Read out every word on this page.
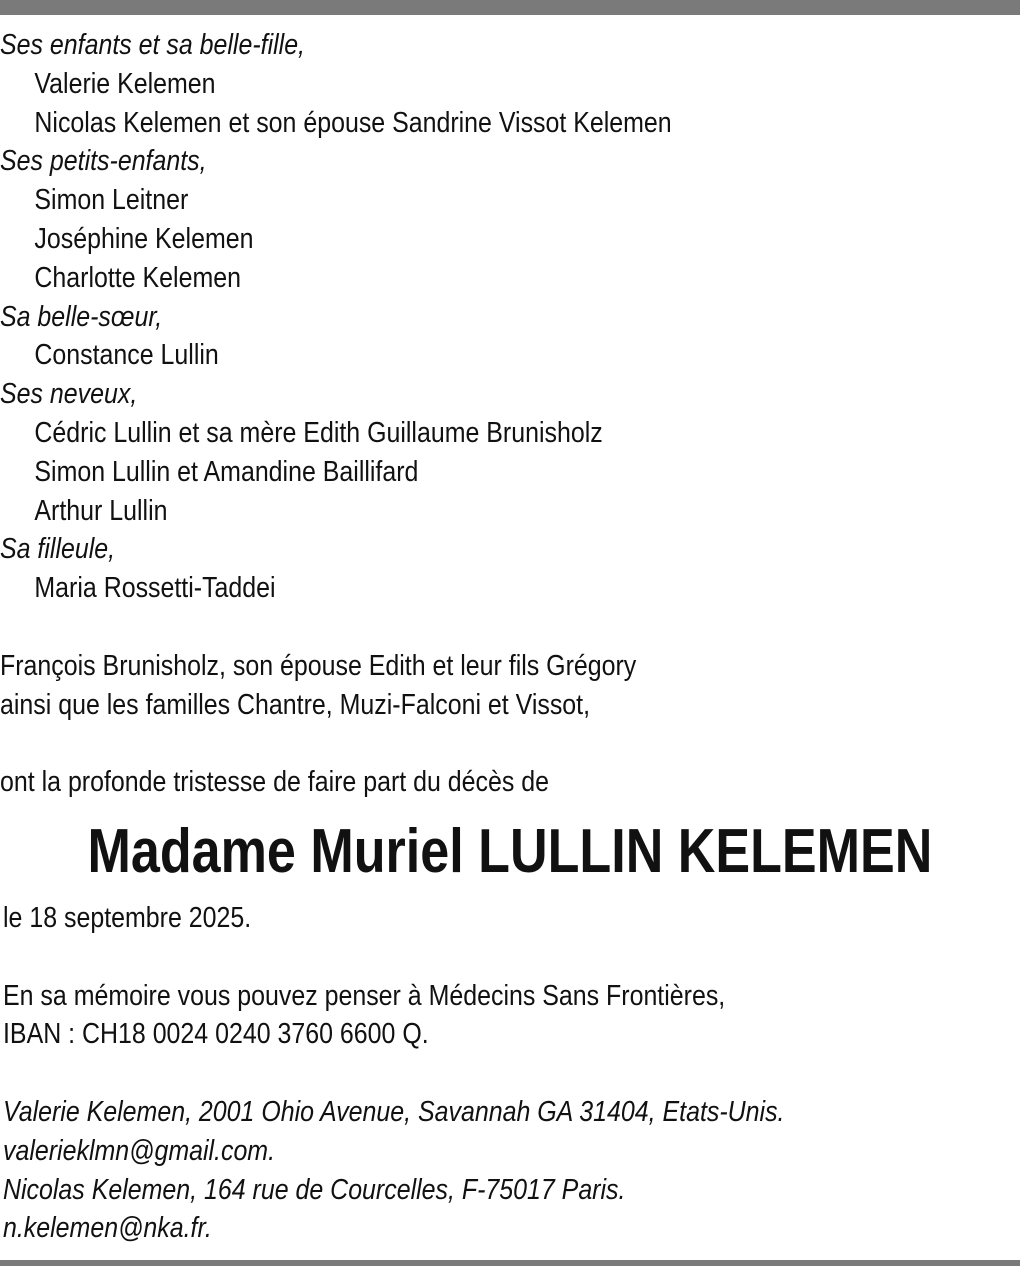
Ses enfants et sa belle-fille,
Valerie Kelemen
Nicolas Kelemen et son épouse Sandrine Vissot Kelemen
Ses petits-enfants,
Simon Leitner
Joséphine Kelemen
Charlotte Kelemen
Sa belle-sœur,
Constance Lullin
Ses neveux,
Cédric Lullin et sa mère Edith Guillaume Brunisholz
Simon Lullin et Amandine Baillifard
Arthur Lullin
Sa filleule,
Maria Rossetti-Taddei
François Brunisholz, son épouse Edith et leur fils Grégory
ainsi que les familles Chantre, Muzi-Falconi et Vissot,
ont la profonde tristesse de faire part du décès de
Madame Muriel LULLIN KELEMEN
le 18 septembre 2025.
En sa mémoire vous pouvez penser à Médecins Sans Frontières,
IBAN : CH18 0024 0240 3760 6600 Q.
Valerie Kelemen, 2001 Ohio Avenue, Savannah GA 31404, Etats-Unis.
valerieklmn@gmail.com.
Nicolas Kelemen, 164 rue de Courcelles, F-75017 Paris.
n.kelemen@nka.fr.
